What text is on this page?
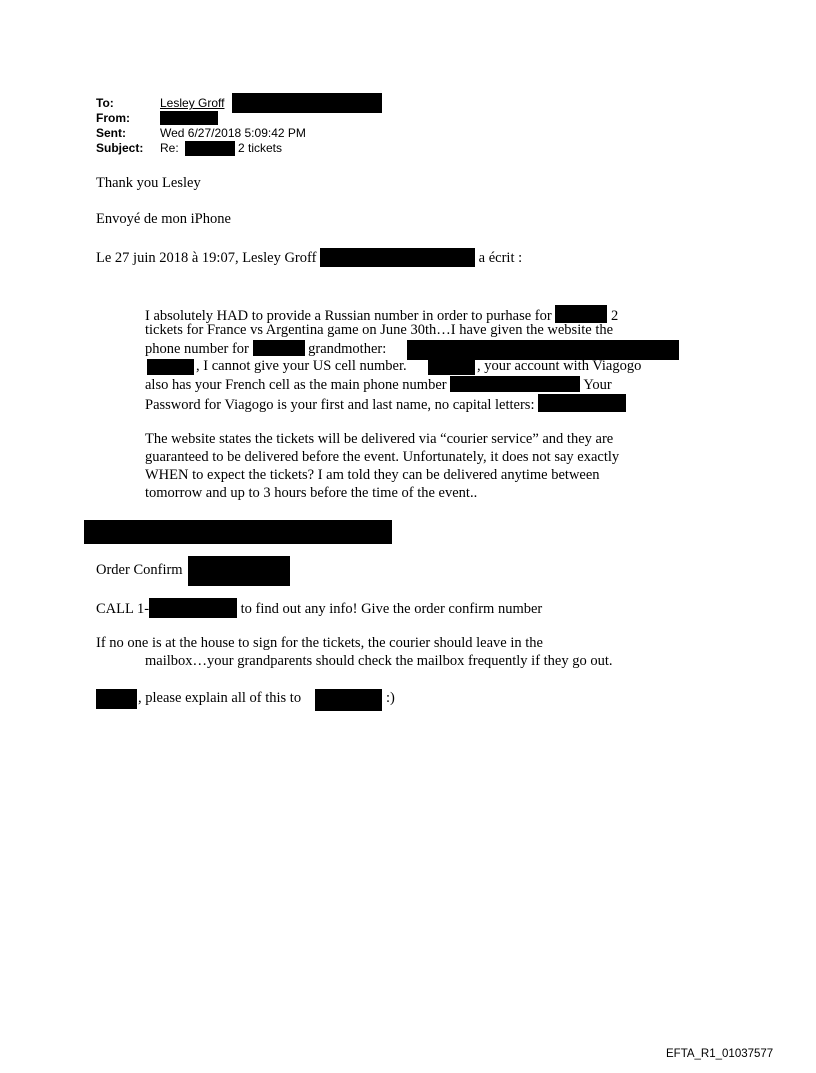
To:	Lesley Groff
From:
Sent:	Wed 6/27/2018 5:09:42 PM
Subject: Re:	2 tickets
Thank you Lesley
Envoyé de mon iPhone
Le 27 juin 2018 à 19:07, Lesley Groff	a écrit :
I absolutely HAD to provide a Russian number in order to purhase for	2
tickets for France vs Argentina game on June 30th…I have given the website the
phone number for	grandmother:
, I cannot give your US cell number.	, your account with Viagogo
also has your French cell as the main phone number	Your
Password for Viagogo is your first and last name, no capital letters:
The website states the tickets will be delivered via “courier service” and they are
guaranteed to be delivered before the event. Unfortunately, it does not say exactly
WHEN to expect the tickets? I am told they can be delivered anytime between
tomorrow and up to 3 hours before the time of the event..
Order Confirm
CALL 1-	to find out any info! Give the order confirm number
If no one is at the house to sign for the tickets, the courier should leave in the
mailbox…your grandparents should check the mailbox frequently if they go out.
, please explain all of this to	:)
EFTA_R1_01037577
